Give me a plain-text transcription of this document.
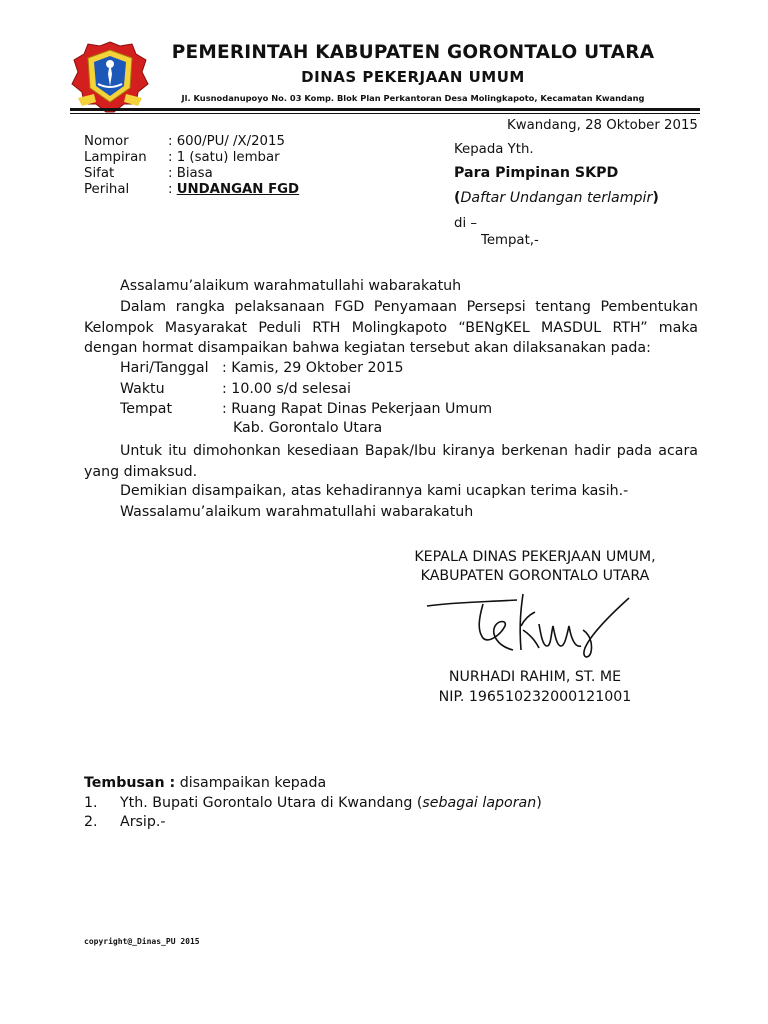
PEMERINTAH KABUPATEN GORONTALO UTARA
DINAS PEKERJAAN UMUM
Jl. Kusnodanupoyo No. 03 Komp. Blok Plan Perkantoran Desa Molingkapoto, Kecamatan Kwandang
Kwandang, 28 Oktober 2015
Nomor	: 600/PU/ /X/2015
Lampiran : 1 (satu) lembar
Sifat	: Biasa
Perihal	: UNDANGAN FGD
Kepada Yth.
Para Pimpinan SKPD
(Daftar Undangan terlampir)
di –
Tempat,-
Assalamu’alaikum warahmatullahi wabarakatuh
Dalam rangka pelaksanaan FGD Penyamaan Persepsi tentang Pembentukan Kelompok Masyarakat Peduli RTH Molingkapoto “BENgKEL MASDUL RTH” maka dengan hormat disampaikan bahwa kegiatan tersebut akan dilaksanakan pada:
Hari/Tanggal : Kamis, 29 Oktober 2015
Waktu	: 10.00 s/d selesai
Tempat	: Ruang Rapat Dinas Pekerjaan Umum
Kab. Gorontalo Utara
Untuk itu dimohonkan kesediaan Bapak/Ibu kiranya berkenan hadir pada acara yang dimaksud.
Demikian disampaikan, atas kehadirannya kami ucapkan terima kasih.-
Wassalamu’alaikum warahmatullahi wabarakatuh
KEPALA DINAS PEKERJAAN UMUM,
KABUPATEN GORONTALO UTARA
NURHADI RAHIM, ST. ME
NIP. 196510232000121001
Tembusan : disampaikan kepada
1. Yth. Bupati Gorontalo Utara di Kwandang (sebagai laporan)
2. Arsip.-
copyright@_Dinas_PU 2015
